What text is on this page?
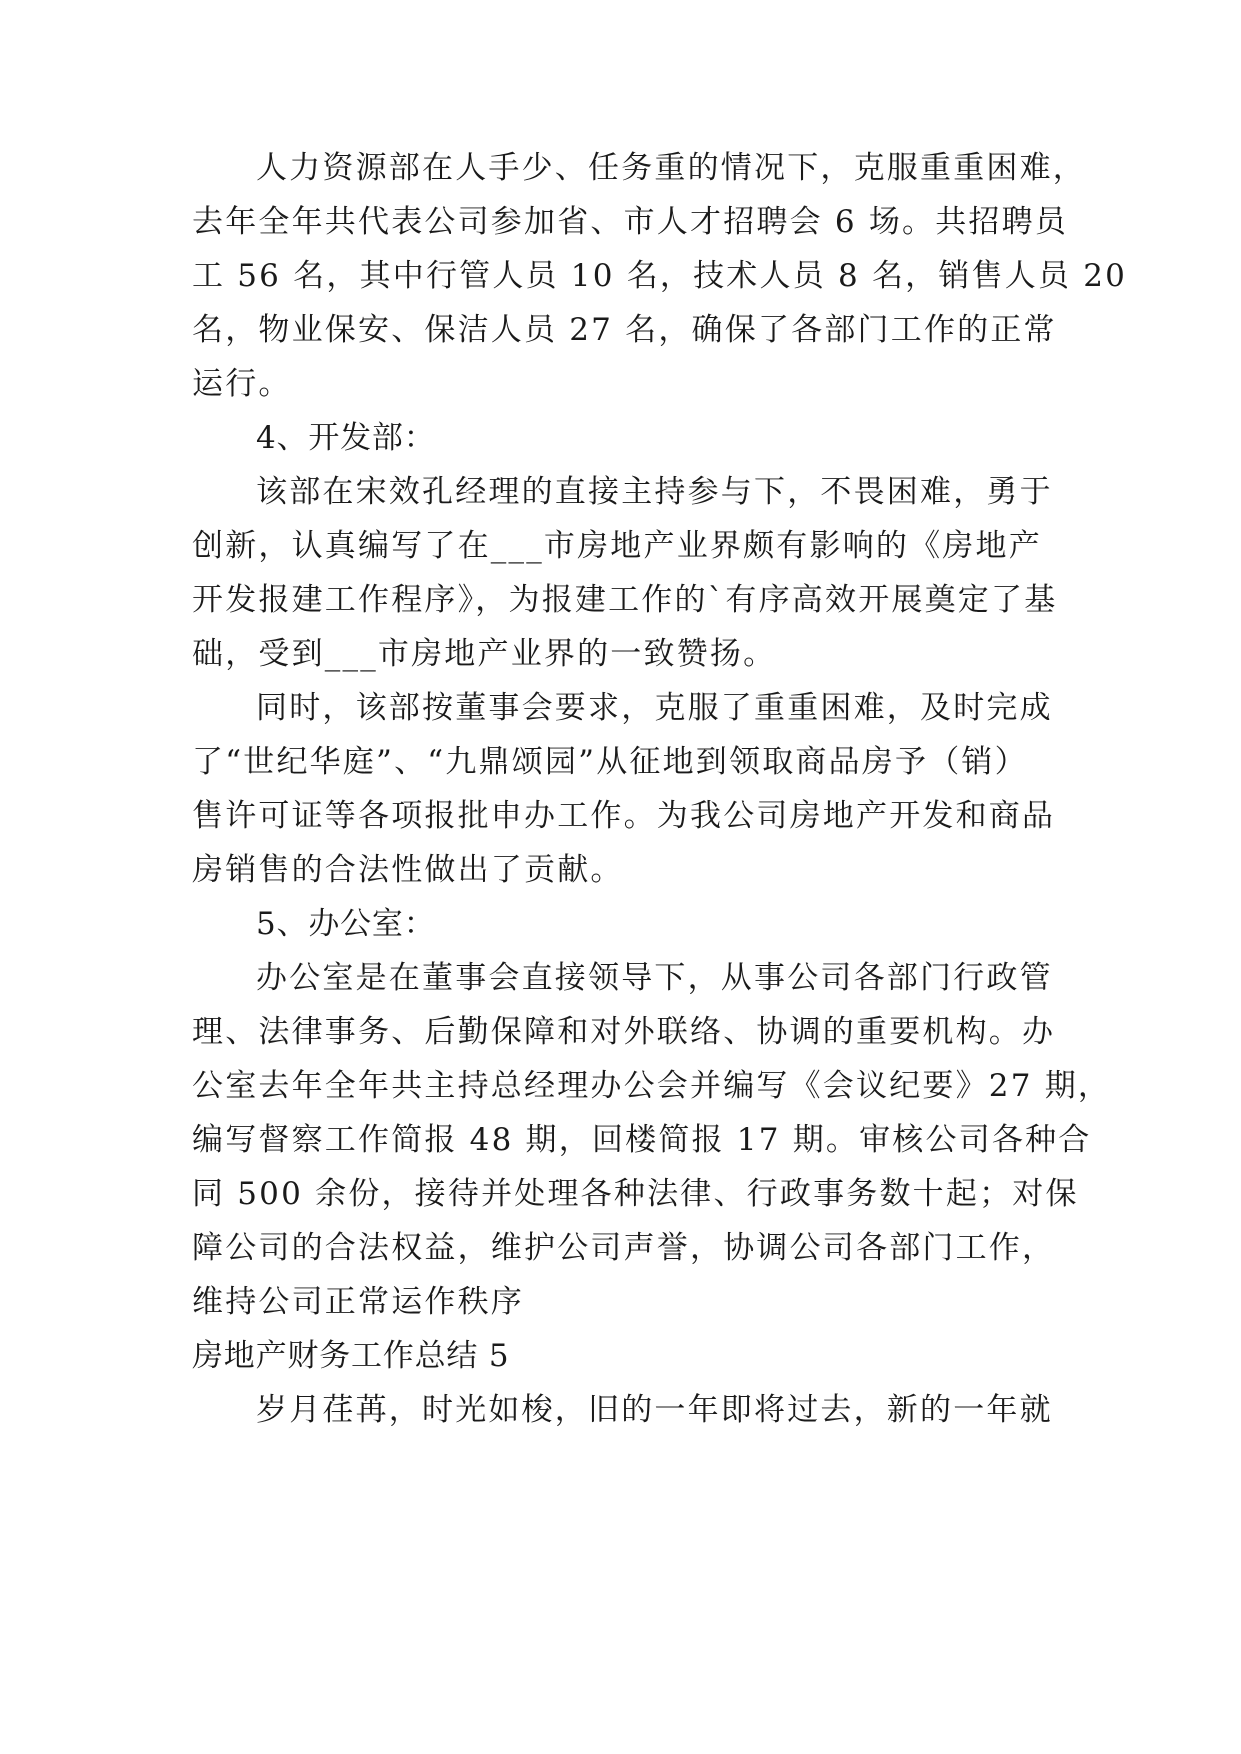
人力资源部在人手少、任务重的情况下，克服重重困难，
去年全年共代表公司参加省、市人才招聘会 6 场。共招聘员
工 56 名，其中行管人员 10 名，技术人员 8 名，销售人员 20
名，物业保安、保洁人员 27 名，确保了各部门工作的正常
运行。
4、开发部：
该部在宋效孔经理的直接主持参与下，不畏困难，勇于
创新，认真编写了在___市房地产业界颇有影响的《房地产
开发报建工作程序》，为报建工作的`有序高效开展奠定了基
础，受到___市房地产业界的一致赞扬。
同时，该部按董事会要求，克服了重重困难，及时完成
了“世纪华庭”、“九鼎颂园”从征地到领取商品房予（销）
售许可证等各项报批申办工作。为我公司房地产开发和商品
房销售的合法性做出了贡献。
5、办公室：
办公室是在董事会直接领导下，从事公司各部门行政管
理、法律事务、后勤保障和对外联络、协调的重要机构。办
公室去年全年共主持总经理办公会并编写《会议纪要》27 期，
编写督察工作简报 48 期，回楼简报 17 期。审核公司各种合
同 500 余份，接待并处理各种法律、行政事务数十起；对保
障公司的合法权益，维护公司声誉，协调公司各部门工作，
维持公司正常运作秩序
房地产财务工作总结 5
岁月荏苒，时光如梭，旧的一年即将过去，新的一年就
